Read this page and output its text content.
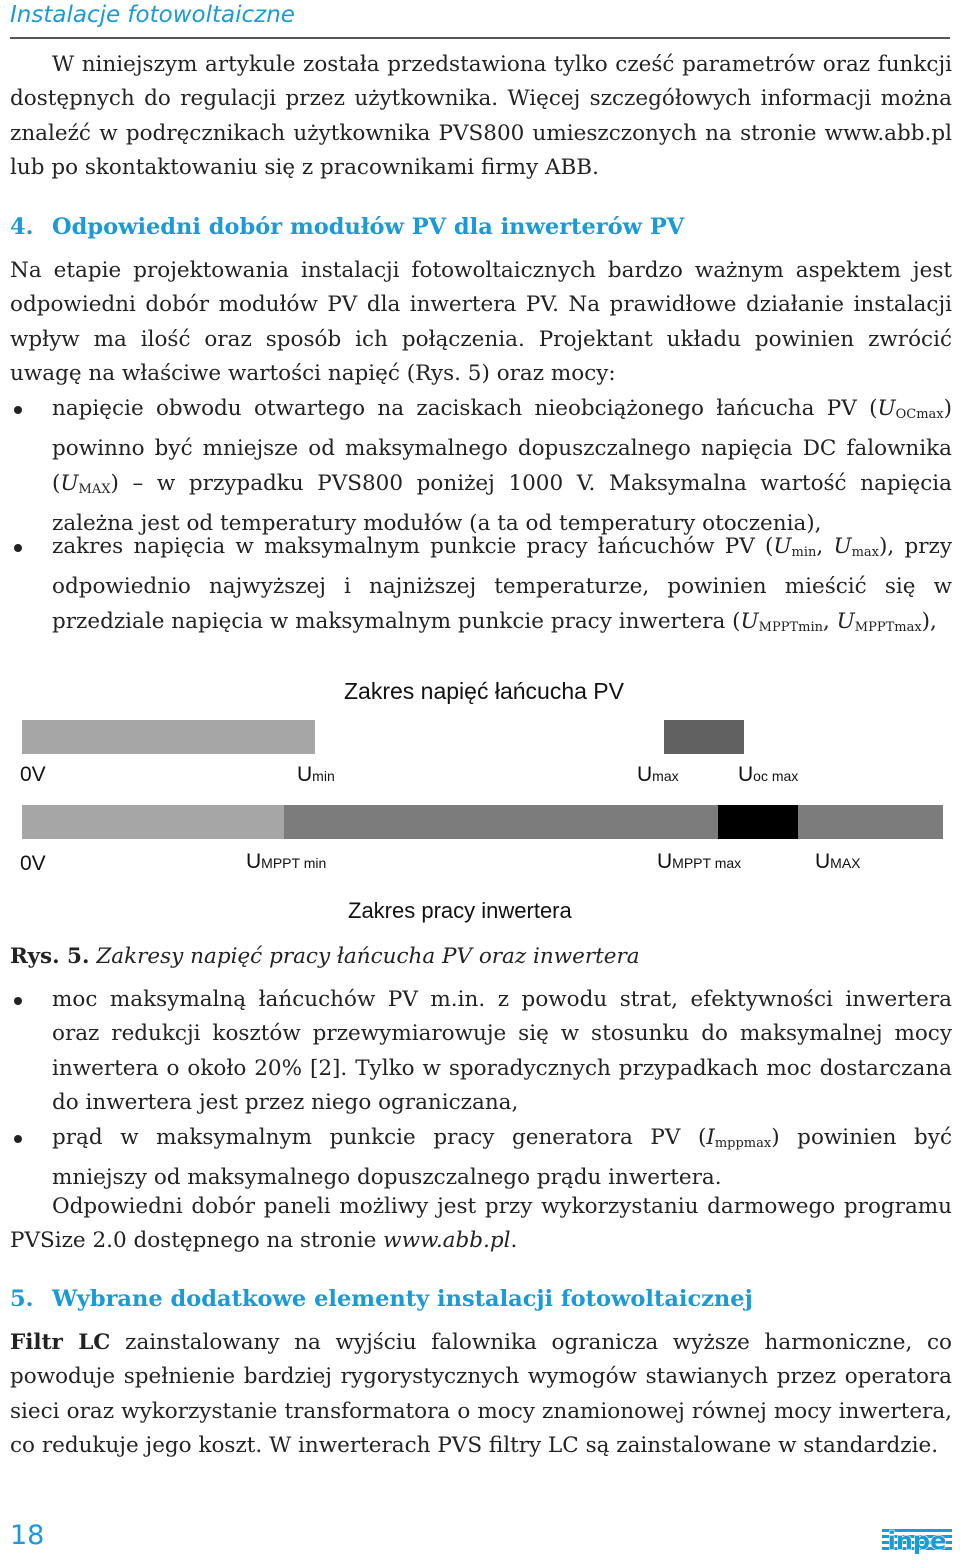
Instalacje fotowoltaiczne
W niniejszym artykule została przedstawiona tylko cześć parametrów oraz funkcji dostępnych do regulacji przez użytkownika. Więcej szczegółowych informacji można znaleźć w podręcznikach użytkownika PVS800 umieszczonych na stronie www.abb.pl lub po skontaktowaniu się z pracownikami firmy ABB.
4. Odpowiedni dobór modułów PV dla inwerterów PV
Na etapie projektowania instalacji fotowoltaicznych bardzo ważnym aspektem jest odpowiedni dobór modułów PV dla inwertera PV. Na prawidłowe działanie instalacji wpływ ma ilość oraz sposób ich połączenia. Projektant układu powinien zwrócić uwagę na właściwe wartości napięć (Rys. 5) oraz mocy:
napięcie obwodu otwartego na zaciskach nieobciążonego łańcucha PV $(U_{OCmax})$ powinno być mniejsze od maksymalnego dopuszczalnego napięcia DC falownika $(U_{MAX})$ – w przypadku PVS800 poniżej 1000 V. Maksymalna wartość napięcia zależna jest od temperatury modułów (a ta od temperatury otoczenia),
zakres napięcia w maksymalnym punkcie pracy łańcuchów PV ($U_{min}$, $U_{max}$), przy odpowiednio najwyższej i najniższej temperaturze, powinien mieścić się w przedziale napięcia w maksymalnym punkcie pracy inwertera ($U_{MPPTmin}$, $U_{MPPTmax}$),
Zakres napięć łańcucha PV
0V	Umin	Umax	Uoc max
0V	UMPPT min	UMPPT max	UMAX
Zakres pracy inwertera
Rys. 5. Zakresy napięć pracy łańcucha PV oraz inwertera
moc maksymalną łańcuchów PV m.in. z powodu strat, efektywności inwertera oraz redukcji kosztów przewymiarowuje się w stosunku do maksymalnej mocy inwertera o około 20% [2]. Tylko w sporadycznych przypadkach moc dostarczana do inwertera jest przez niego ograniczana,
prąd w maksymalnym punkcie pracy generatora PV $(I_{mppmax})$ powinien być mniejszy od maksymalnego dopuszczalnego prądu inwertera.
Odpowiedni dobór paneli możliwy jest przy wykorzystaniu darmowego programu PVSize 2.0 dostępnego na stronie www.abb.pl.
5. Wybrane dodatkowe elementy instalacji fotowoltaicznej
Filtr LC zainstalowany na wyjściu falownika ogranicza wyższe harmoniczne, co powoduje spełnienie bardziej rygorystycznych wymogów stawianych przez operatora sieci oraz wykorzystanie transformatora o mocy znamionowej równej mocy inwertera, co redukuje jego koszt. W inwerterach PVS filtry LC są zainstalowane w standardzie.
18	inpe
